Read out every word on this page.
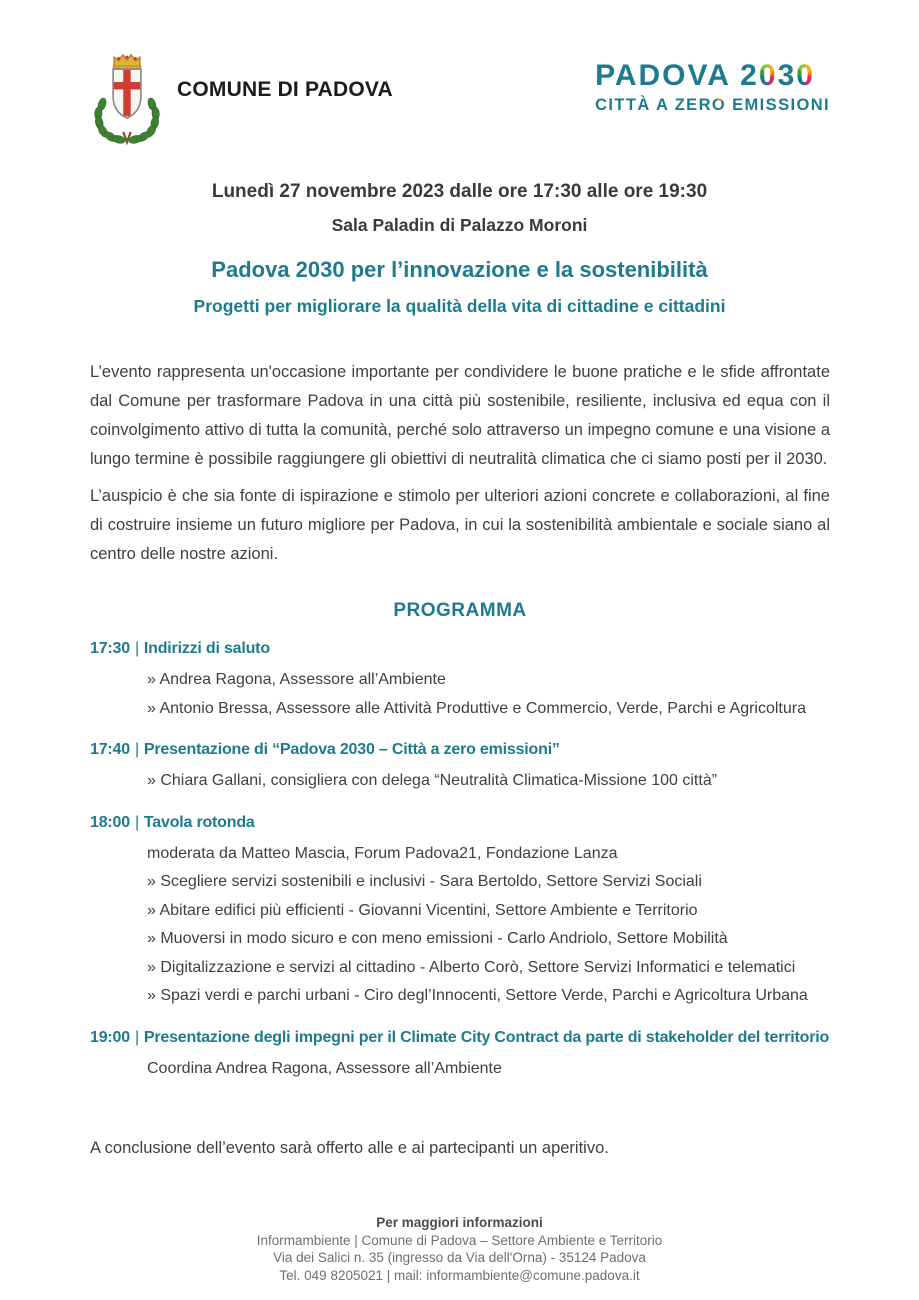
COMUNE DI PADOVA	PADOVA 2030
CITTÀ A ZERO EMISSIONI
Lunedì 27 novembre 2023 dalle ore 17:30 alle ore 19:30
Sala Paladin di Palazzo Moroni
Padova 2030 per l’innovazione e la sostenibilità
Progetti per migliorare la qualità della vita di cittadine e cittadini

L’evento rappresenta un'occasione importante per condividere le buone pratiche e le sfide affrontate dal Comune per trasformare Padova in una città più sostenibile, resiliente, inclusiva ed equa con il coinvolgimento attivo di tutta la comunità, perché solo attraverso un impegno comune e una visione a lungo termine è possibile raggiungere gli obiettivi di neutralità climatica che ci siamo posti per il 2030.

L’auspicio è che sia fonte di ispirazione e stimolo per ulteriori azioni concrete e collaborazioni, al fine di costruire insieme un futuro migliore per Padova, in cui la sostenibilità ambientale e sociale siano al centro delle nostre azioni.

PROGRAMMA
17:30 | Indirizzi di saluto
» Andrea Ragona, Assessore all’Ambiente
» Antonio Bressa, Assessore alle Attività Produttive e Commercio, Verde, Parchi e Agricoltura
17:40 | Presentazione di “Padova 2030 – Città a zero emissioni”
» Chiara Gallani, consigliera con delega “Neutralità Climatica-Missione 100 città”
18:00 | Tavola rotonda
moderata da Matteo Mascia, Forum Padova21, Fondazione Lanza
» Scegliere servizi sostenibili e inclusivi - Sara Bertoldo, Settore Servizi Sociali
» Abitare edifici più efficienti - Giovanni Vicentini, Settore Ambiente e Territorio
» Muoversi in modo sicuro e con meno emissioni - Carlo Andriolo, Settore Mobilità
» Digitalizzazione e servizi al cittadino - Alberto Corò, Settore Servizi Informatici e telematici
» Spazi verdi e parchi urbani - Ciro degl’Innocenti, Settore Verde, Parchi e Agricoltura Urbana
19:00 | Presentazione degli impegni per il Climate City Contract da parte di stakeholder del territorio
Coordina Andrea Ragona, Assessore all’Ambiente
A conclusione dell’evento sarà offerto alle e ai partecipanti un aperitivo.
Per maggiori informazioni
Informambiente | Comune di Padova – Settore Ambiente e Territorio
Via dei Salici n. 35 (ingresso da Via dell'Orna) - 35124 Padova
Tel. 049 8205021 | mail: informambiente@comune.padova.it
